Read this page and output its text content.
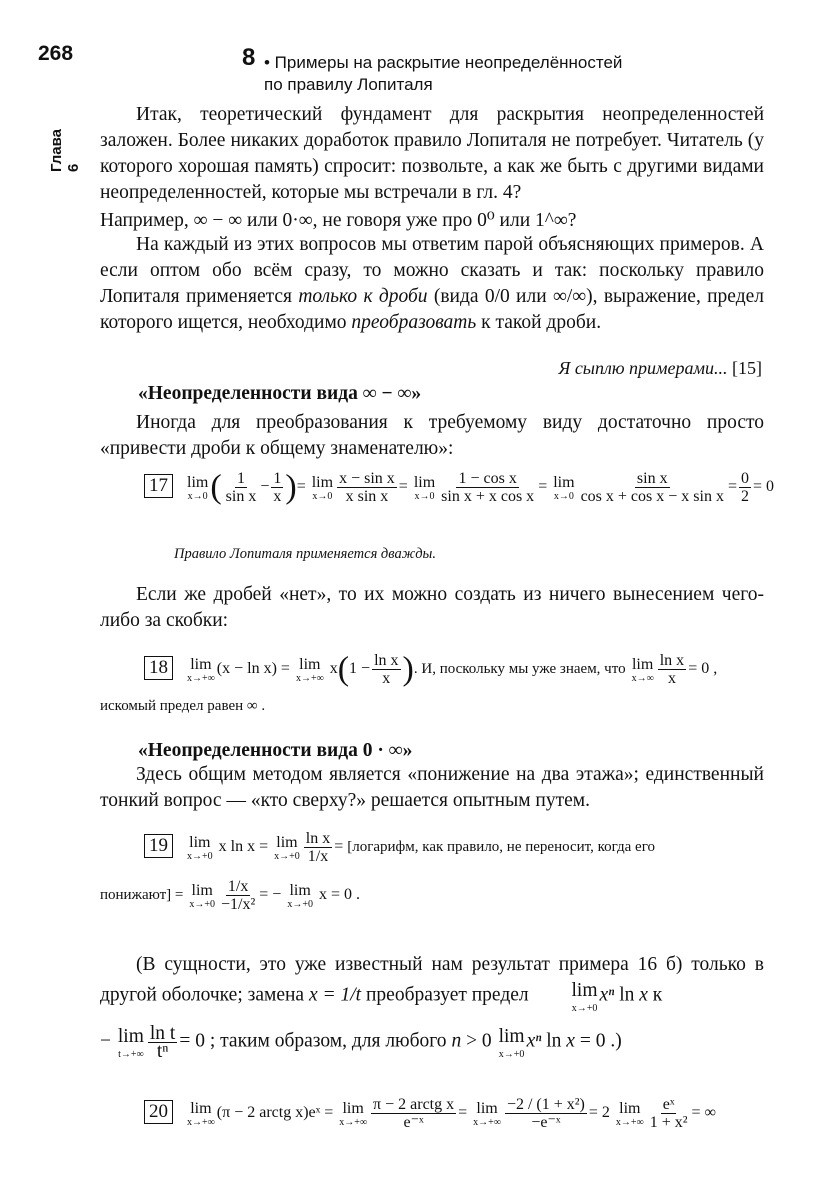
268	8 • Примеры на раскрытие неопределённостей
по правилу Лопиталя
Глава 6

Итак, теоретический фундамент для раскрытия неопределенностей заложен. Более никаких доработок правило Лопиталя не потребует. Читатель (у которого хорошая память) спросит: позвольте, а как же быть с другими видами неопределенностей, которые мы встречали в гл. 4?

Например, ∞ − ∞ или 0·∞, не говоря уже про 0⁰ или 1^∞?

На каждый из этих вопросов мы ответим парой объясняющих примеров. А если оптом обо всём сразу, то можно сказать и так: поскольку правило Лопиталя применяется только к дроби (вида 0/0 или ∞/∞), выражение, предел которого ищется, необходимо преобразовать к такой дроби.

Я сыплю примерами... [15]
«Неопределенности вида ∞ − ∞»

Иногда для преобразования к требуемому виду достаточно просто «привести дроби к общему знаменателю»:

17 lim
x→0 ( $\frac{1}{\text{sin x}} - \frac{1}{x}$ )= lim
$x\to 0 \frac{\text{x − sin x}}{\text{x sin x}} = \lim$
$x\to 0 \frac{\text{1 − cos x}}{\text{sin x + x cos x}} = \lim$
$x\to 0 \frac{\text{sin x}}{\text{cos x + cos x − x sin x}} = \frac{0}{2} = 0$
Правило Лопиталя применяется дважды.

Если же дробей «нет», то их можно создать из ничего вынесением чего-либо за скобки:

18 lim
x→+∞
(x − ln x) = lim
x→+∞
$x(1 - \frac{\text{ln x}}{x}$ ). И, поскольку мы уже знаем, что lim
$x\to\infty \frac{\text{ln x}}{x} = 0$ ,
искомый предел равен ∞ .
«Неопределенности вида 0 · ∞»

Здесь общим методом является «понижение на два этажа»; единственный тонкий вопрос — «кто сверху?» решается опытным путем.

19 lim
x→+0
x ln x = lim
$x\to+0 \frac{\text{ln x}}{1/x}$ = [логарифм, как правило, не переносит, когда его
понижают] = lim
$x\to+0 \frac{1/x}{\text{−1/x²}}$ = − lim
x→+0
x = 0 .

(В сущности, это уже известный нам результат примера 16 б) только в другой оболочке; замена x = 1/t преобразует предел	lim
x→+0
xⁿ ln x к

− lim
$t\to+\infty \frac{\text{ln t}}{\text{tⁿ}} = 0$ ; таким образом, для любого n > 0 lim
x→+0
xⁿ ln x = 0 .)

20 lim
x→+∞
(π − 2 arctg x)eˣ = lim
$x\to+\infty \frac{\text{π − 2 arctg x}}{\text{e⁻ˣ}} = \lim$
$x\to+\infty \frac{\text{−2 / (1 + x²)}}{\text{−e⁻ˣ}} = 2$ lim
$x\to+\infty \frac{\text{eˣ}}{\text{1 + x²}}$ = ∞
